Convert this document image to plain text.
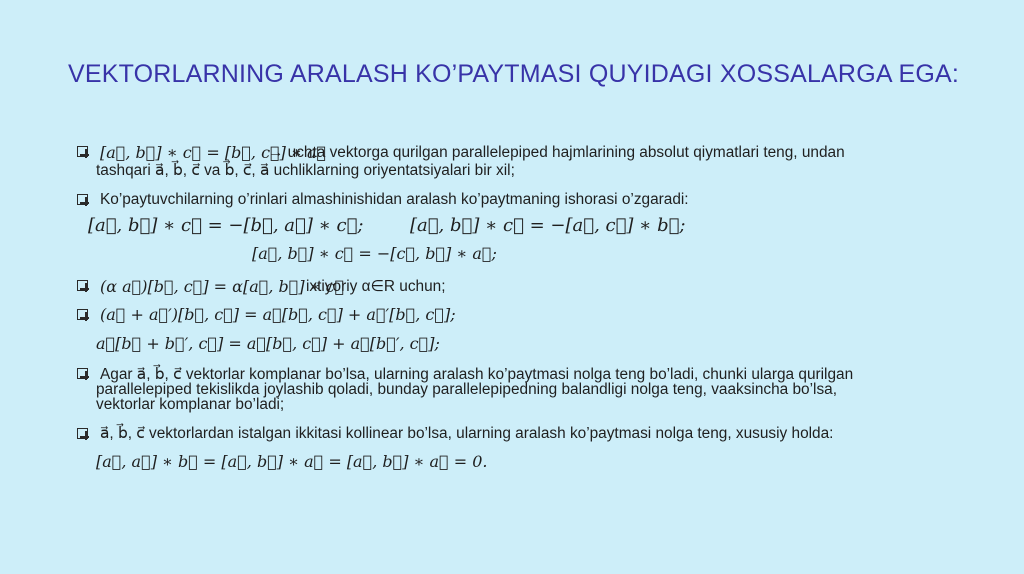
VEKTORLARNING ARALASH KO’PAYTMASI QUYIDAGI XOSSALARGA EGA:
[a⃗, b⃗] ∗ c⃗ = [b⃗, c⃗] ∗ a⃗
→ uchta vektorga qurilgan parallelepiped hajmlarining absolut qiymatlari teng, undan
tashqari a⃗, b⃗, c⃗ va b⃗, c⃗, a⃗ uchliklarning oriyentatsiyalari bir xil;
Ko’paytuvchilarning o’rinlari almashinishidan aralash ko’paytmaning ishorasi o’zgaradi:
[a⃗, b⃗] ∗ c⃗ = −[b⃗, a⃗] ∗ c⃗;	[a⃗, b⃗] ∗ c⃗ = −[a⃗, c⃗] ∗ b⃗;
[a⃗, b⃗] ∗ c⃗ = −[c⃗, b⃗] ∗ a⃗;
(α a⃗)[b⃗, c⃗] = α[a⃗, b⃗] ∗ c⃗
ixtiyoriy α∈R uchun;
(a⃗ + a⃗′)[b⃗, c⃗] = a⃗[b⃗, c⃗] + a⃗′[b⃗, c⃗];
a⃗[b⃗ + b⃗′, c⃗] = a⃗[b⃗, c⃗] + a⃗[b⃗′, c⃗];
Agar a⃗, b⃗, c⃗ vektorlar komplanar bo’lsa, ularning aralash ko’paytmasi nolga teng bo’ladi, chunki ularga qurilgan
parallelepiped tekislikda joylashib qoladi, bunday parallelepipedning balandligi nolga teng, vaaksincha bo’lsa,
vektorlar komplanar bo’ladi;
a⃗, b⃗, c⃗ vektorlardan istalgan ikkitasi kollinear bo’lsa, ularning aralash ko’paytmasi nolga teng, xususiy holda:
[a⃗, a⃗] ∗ b⃗ = [a⃗, b⃗] ∗ a⃗ = [a⃗, b⃗] ∗ a⃗ = 0.
